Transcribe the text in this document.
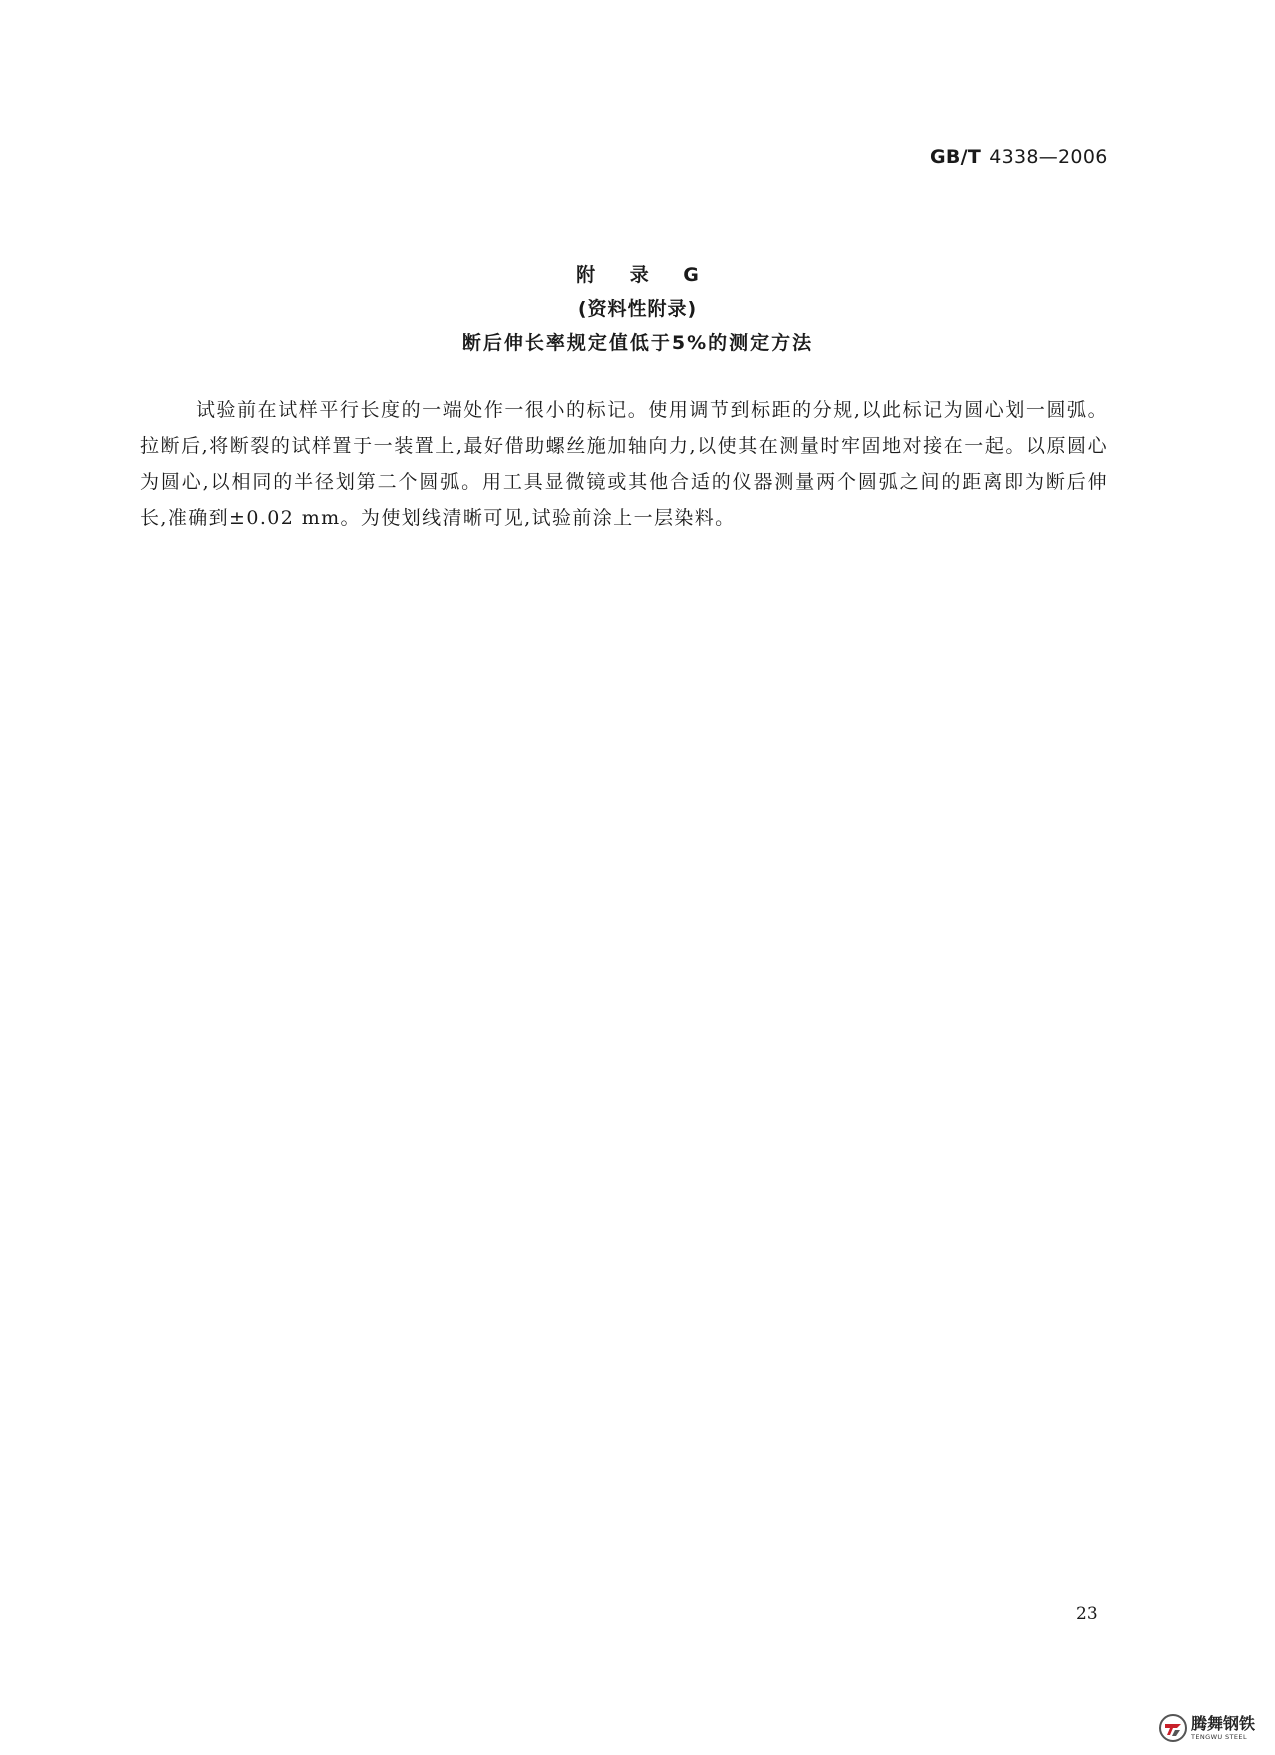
GB/T 4338—2006
附 录 G
(资料性附录)
断后伸长率规定值低于5%的测定方法

试验前在试样平行长度的一端处作一很小的标记。使用调节到标距的分规,以此标记为圆心划一圆弧。拉断后,将断裂的试样置于一装置上,最好借助螺丝施加轴向力,以使其在测量时牢固地对接在一起。以原圆心为圆心,以相同的半径划第二个圆弧。用工具显微镜或其他合适的仪器测量两个圆弧之间的距离即为断后伸长,准确到±0.02 mm。为使划线清晰可见,试验前涂上一层染料。

23
腾舞钢铁
TENGWU STEEL
